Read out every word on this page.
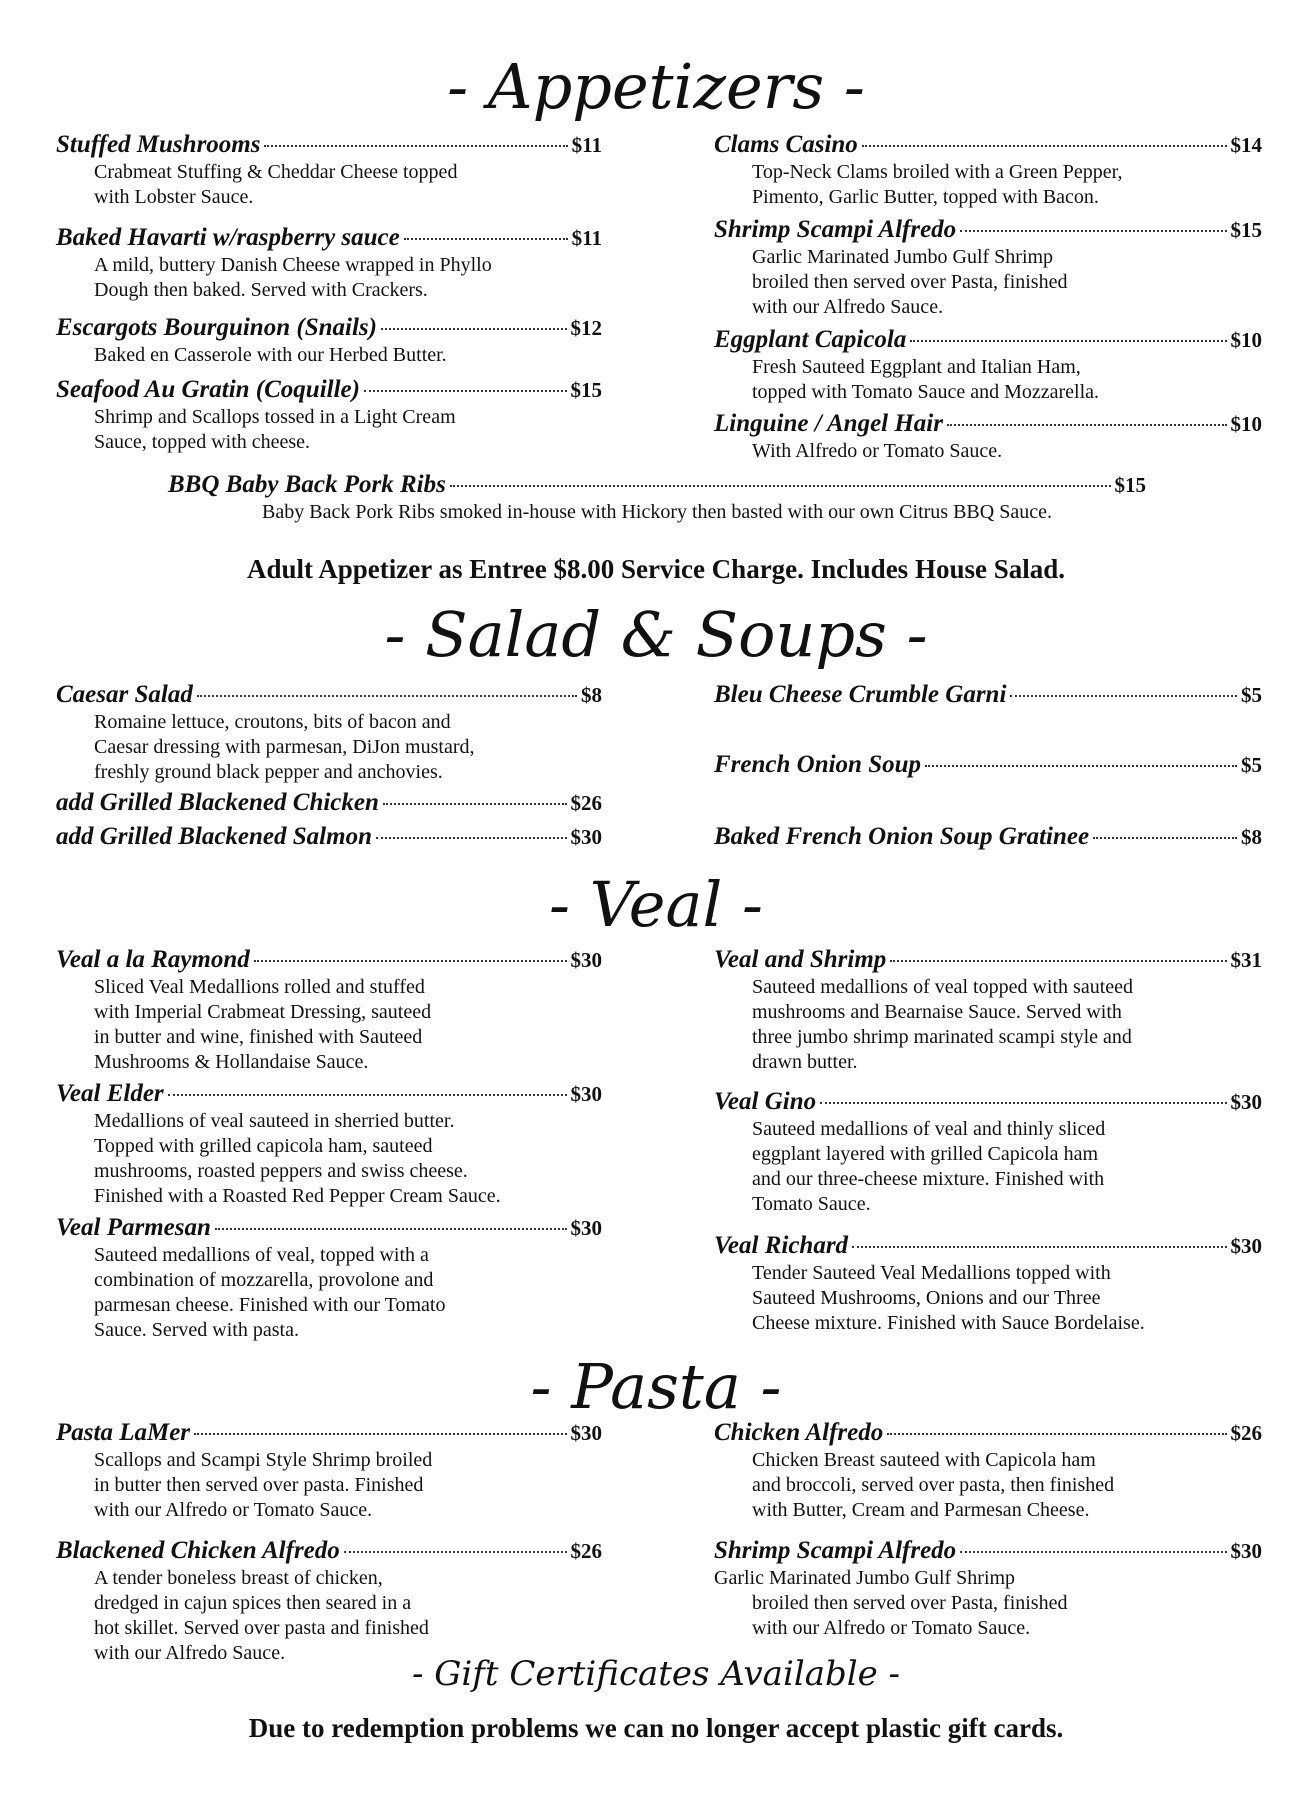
- Appetizers -
Stuffed Mushrooms	$11
Crabmeat Stuffing & Cheddar Cheese topped
with Lobster Sauce.
Baked Havarti w/raspberry sauce	$11
A mild, buttery Danish Cheese wrapped in Phyllo
Dough then baked. Served with Crackers.
Escargots Bourguinon (Snails)	$12
Baked en Casserole with our Herbed Butter.
Seafood Au Gratin (Coquille)	$15
Shrimp and Scallops tossed in a Light Cream
Sauce, topped with cheese.
Clams Casino	$14
Top-Neck Clams broiled with a Green Pepper,
Pimento, Garlic Butter, topped with Bacon.
Shrimp Scampi Alfredo	$15
Garlic Marinated Jumbo Gulf Shrimp
broiled then served over Pasta, finished
with our Alfredo Sauce.
Eggplant Capicola	$10
Fresh Sauteed Eggplant and Italian Ham,
topped with Tomato Sauce and Mozzarella.
Linguine / Angel Hair	$10
With Alfredo or Tomato Sauce.
BBQ Baby Back Pork Ribs	$15
Baby Back Pork Ribs smoked in-house with Hickory then basted with our own Citrus BBQ Sauce.
Adult Appetizer as Entree $8.00 Service Charge. Includes House Salad.
- Salad & Soups -
Caesar Salad	$8
Romaine lettuce, croutons, bits of bacon and
Caesar dressing with parmesan, DiJon mustard,
freshly ground black pepper and anchovies.
add Grilled Blackened Chicken	$26
add Grilled Blackened Salmon	$30
Bleu Cheese Crumble Garni	$5
French Onion Soup	$5
Baked French Onion Soup Gratinee	$8
- Veal -
Veal a la Raymond	$30
Sliced Veal Medallions rolled and stuffed
with Imperial Crabmeat Dressing, sauteed
in butter and wine, finished with Sauteed
Mushrooms & Hollandaise Sauce.
Veal Elder	$30
Medallions of veal sauteed in sherried butter.
Topped with grilled capicola ham, sauteed
mushrooms, roasted peppers and swiss cheese.
Finished with a Roasted Red Pepper Cream Sauce.
Veal Parmesan	$30
Sauteed medallions of veal, topped with a
combination of mozzarella, provolone and
parmesan cheese. Finished with our Tomato
Sauce. Served with pasta.
Veal and Shrimp	$31
Sauteed medallions of veal topped with sauteed
mushrooms and Bearnaise Sauce. Served with
three jumbo shrimp marinated scampi style and
drawn butter.
Veal Gino	$30
Sauteed medallions of veal and thinly sliced
eggplant layered with grilled Capicola ham
and our three-cheese mixture. Finished with
Tomato Sauce.
Veal Richard	$30
Tender Sauteed Veal Medallions topped with
Sauteed Mushrooms, Onions and our Three
Cheese mixture. Finished with Sauce Bordelaise.
- Pasta -
Pasta LaMer	$30
Scallops and Scampi Style Shrimp broiled
in butter then served over pasta. Finished
with our Alfredo or Tomato Sauce.
Blackened Chicken Alfredo	$26
A tender boneless breast of chicken,
dredged in cajun spices then seared in a
hot skillet. Served over pasta and finished
with our Alfredo Sauce.
Chicken Alfredo	$26
Chicken Breast sauteed with Capicola ham
and broccoli, served over pasta, then finished
with Butter, Cream and Parmesan Cheese.
Shrimp Scampi Alfredo	$30
Garlic Marinated Jumbo Gulf Shrimp
broiled then served over Pasta, finished
with our Alfredo or Tomato Sauce.
- Gift Certificates Available -
Due to redemption problems we can no longer accept plastic gift cards.
